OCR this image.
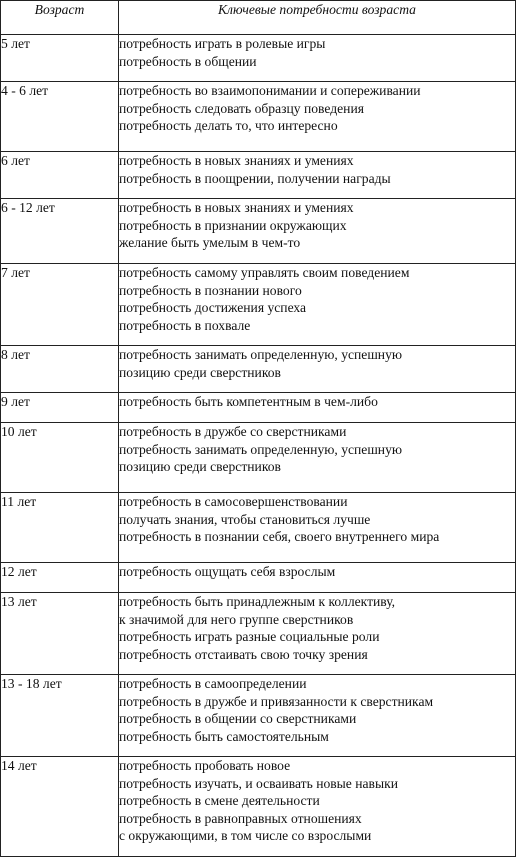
Возраст	Ключевые потребности возраста
5 лет	потребность играть в ролевые игры
потребность в общении

4 - 6 лет	потребность во взаимопонимании и сопереживании
потребность следовать образцу поведения
потребность делать то, что интересно

6 лет	потребность в новых знаниях и умениях
потребность в поощрении, получении награды

6 - 12 лет	потребность в новых знаниях и умениях
потребность в признании окружающих
желание быть умелым в чем-то

7 лет	потребность самому управлять своим поведением
потребность в познании нового
потребность достижения успеха
потребность в похвале

8 лет	потребность занимать определенную, успешную
позицию среди сверстников

9 лет	потребность быть компетентным в чем-либо

10 лет	потребность в дружбе со сверстниками
потребность занимать определенную, успешную
позицию среди сверстников

11 лет	потребность в самосовершенствовании
получать знания, чтобы становиться лучше
потребность в познании себя, своего внутреннего мира

12 лет	потребность ощущать себя взрослым

13 лет	потребность быть принадлежным к коллективу,
к значимой для него группе сверстников
потребность играть разные социальные роли
потребность отстаивать свою точку зрения

13 - 18 лет	потребность в самоопределении
потребность в дружбе и привязанности к сверстникам
потребность в общении со сверстниками
потребность быть самостоятельным

14 лет	потребность пробовать новое
потребность изучать, и осваивать новые навыки
потребность в смене деятельности
потребность в равноправных отношениях
с окружающими, в том числе со взрослыми
